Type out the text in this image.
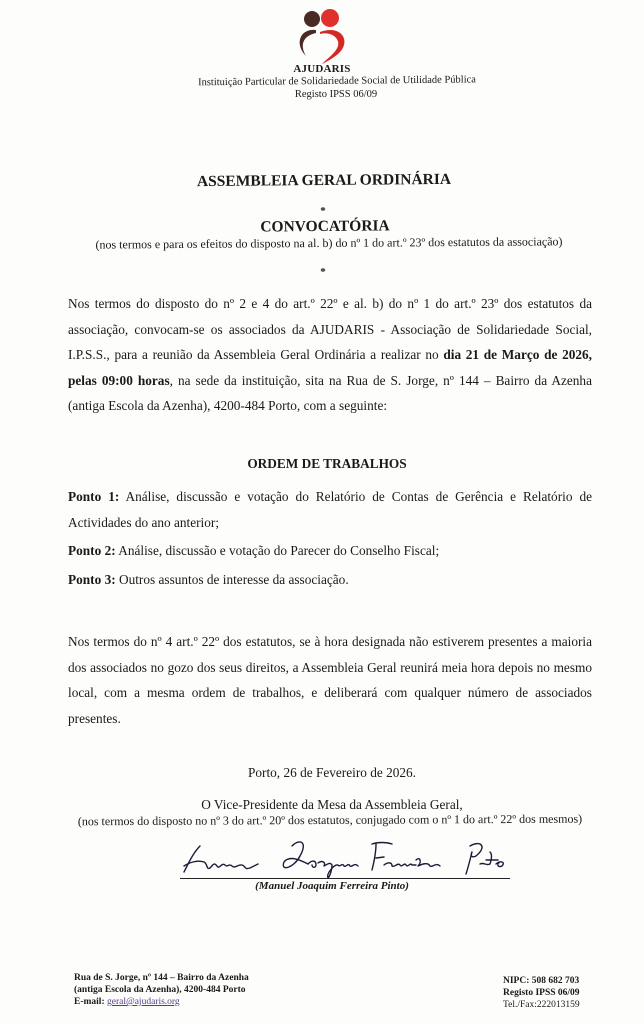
AJUDARIS
Instituição Particular de Solidariedade Social de Utilidade Pública
Registo IPSS 06/09
ASSEMBLEIA GERAL ORDINÁRIA
*
CONVOCATÓRIA
(nos termos e para os efeitos do disposto na al. b) do nº 1 do art.º 23º dos estatutos da associação)
*
Nos termos do disposto do nº 2 e 4 do art.º 22º e al. b) do nº 1 do art.º 23º dos estatutos da associação, convocam-se os associados da AJUDARIS - Associação de Solidariedade Social, I.P.S.S., para a reunião da Assembleia Geral Ordinária a realizar no dia 21 de Março de 2026, pelas 09:00 horas, na sede da instituição, sita na Rua de S. Jorge, nº 144 – Bairro da Azenha (antiga Escola da Azenha), 4200-484 Porto, com a seguinte:
ORDEM DE TRABALHOS
Ponto 1: Análise, discussão e votação do Relatório de Contas de Gerência e Relatório de Actividades do ano anterior;
Ponto 2: Análise, discussão e votação do Parecer do Conselho Fiscal;
Ponto 3: Outros assuntos de interesse da associação.
Nos termos do nº 4 art.º 22º dos estatutos, se à hora designada não estiverem presentes a maioria dos associados no gozo dos seus direitos, a Assembleia Geral reunirá meia hora depois no mesmo local, com a mesma ordem de trabalhos, e deliberará com qualquer número de associados presentes.
Porto, 26 de Fevereiro de 2026.
O Vice-Presidente da Mesa da Assembleia Geral,
(nos termos do disposto no nº 3 do art.º 20º dos estatutos, conjugado com o nº 1 do art.º 22º dos mesmos)
(Manuel Joaquim Ferreira Pinto)
Rua de S. Jorge, nº 144 – Bairro da Azenha
(antiga Escola da Azenha), 4200-484 Porto
E-mail: geral@ajudaris.org
NIPC: 508 682 703
Registo IPSS 06/09
Tel./Fax:222013159
